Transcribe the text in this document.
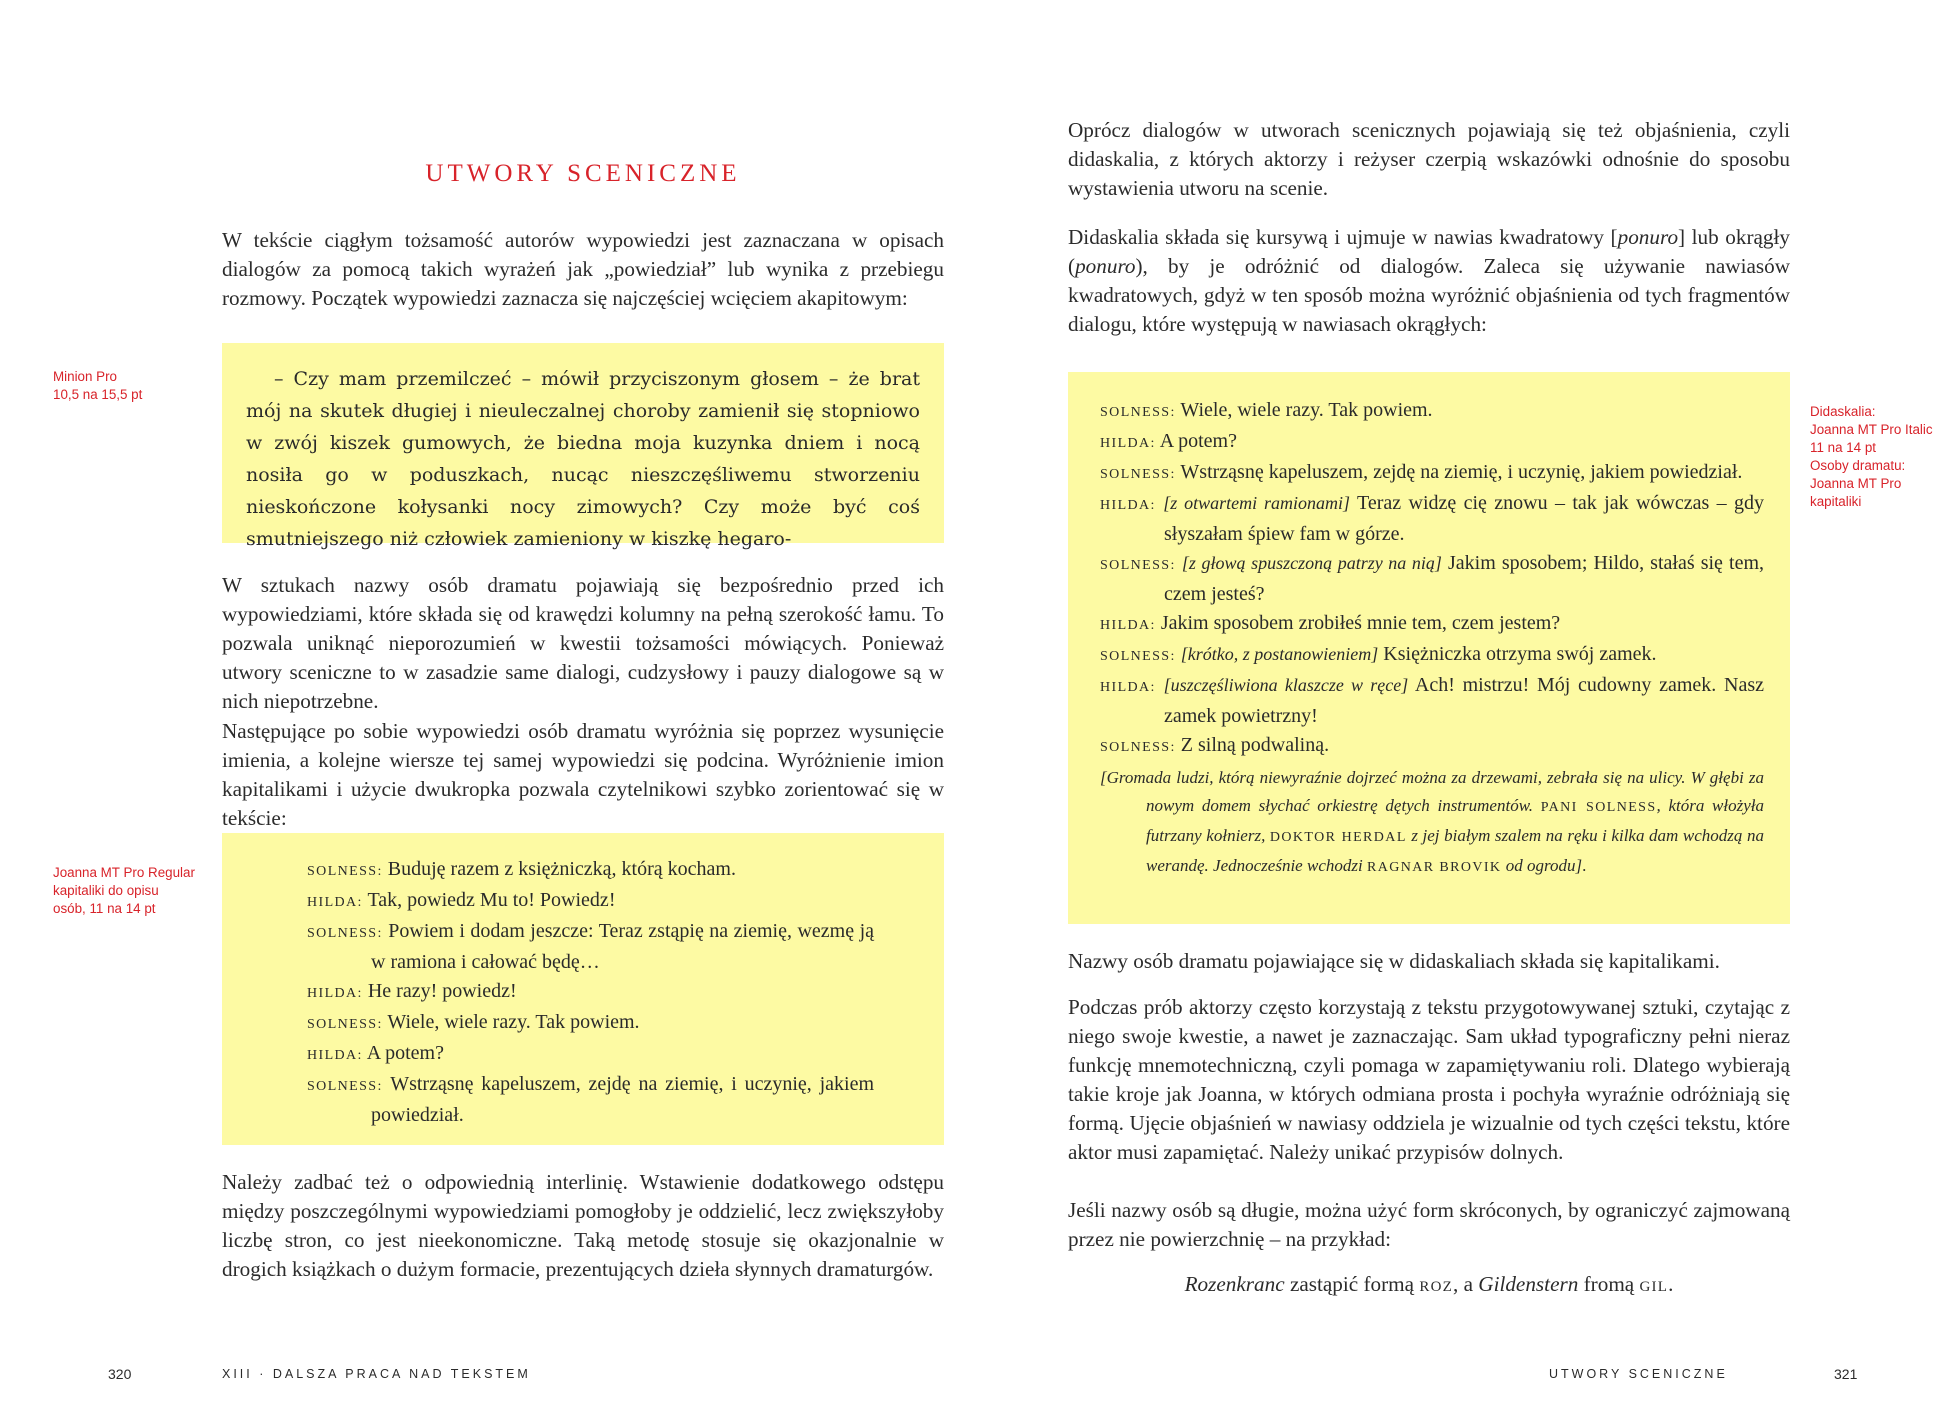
UTWORY SCENICZNE

W tekście ciągłym tożsamość autorów wypowiedzi jest zaznaczana w opisach dialogów za pomocą takich wyrażeń jak „powiedział” lub wynika z przebiegu rozmowy. Początek wypowiedzi zaznacza się najczęściej wcięciem akapitowym:

Minion Pro
10,5 na 15,5 pt

– Czy mam przemilczeć – mówił przyciszonym głosem – że brat mój na skutek długiej i nieuleczalnej choroby zamienił się stopniowo w zwój kiszek gumowych, że biedna moja kuzynka dniem i nocą nosiła go w poduszkach, nucąc nieszczęśliwemu stworzeniu nieskończone kołysanki nocy zimowych? Czy może być coś smutniejszego niż człowiek zamieniony w kiszkę hegaro-

W sztukach nazwy osób dramatu pojawiają się bezpośrednio przed ich wypowiedziami, które składa się od krawędzi kolumny na pełną szerokość łamu. To pozwala uniknąć nieporozumień w kwestii tożsamości mówiących. Ponieważ utwory sceniczne to w zasadzie same dialogi, cudzysłowy i pauzy dialogowe są w nich niepotrzebne.

Następujące po sobie wypowiedzi osób dramatu wyróżnia się poprzez wysunięcie imienia, a kolejne wiersze tej samej wypowiedzi się podcina. Wyróżnienie imion kapitalikami i użycie dwukropka pozwala czytelnikowi szybko zorientować się w tekście:

Joanna MT Pro Regular
kapitaliki do opisu
osób, 11 na 14 pt
SOLNESS: Buduję razem z księżniczką, którą kocham.
HILDA: Tak, powiedz Mu to! Powiedz!
SOLNESS: Powiem i dodam jeszcze: Teraz zstąpię na ziemię, wezmę ją w ramiona i całować będę…
HILDA: He razy! powiedz!
SOLNESS: Wiele, wiele razy. Tak powiem.
HILDA: A potem?
SOLNESS: Wstrząsnę kapeluszem, zejdę na ziemię, i uczynię, jakiem powiedział.

Należy zadbać też o odpowiednią interlinię. Wstawienie dodatkowego odstępu między poszczególnymi wypowiedziami pomogłoby je oddzielić, lecz zwiększyłoby liczbę stron, co jest nieekonomiczne. Taką metodę stosuje się okazjonalnie w drogich książkach o dużym formacie, prezentujących dzieła słynnych dramaturgów.

320	XIII · DALSZA PRACA NAD TEKSTEM

Oprócz dialogów w utworach scenicznych pojawiają się też objaśnienia, czyli didaskalia, z których aktorzy i reżyser czerpią wskazówki odnośnie do sposobu wystawienia utworu na scenie.

Didaskalia składa się kursywą i ujmuje w nawias kwadratowy [ponuro] lub okrągły (ponuro), by je odróżnić od dialogów. Zaleca się używanie nawiasów kwadratowych, gdyż w ten sposób można wyróżnić objaśnienia od tych fragmentów dialogu, które występują w nawiasach okrągłych:

Didaskalia:
Joanna MT Pro Italic
11 na 14 pt
Osoby dramatu:
Joanna MT Pro
kapitaliki
SOLNESS: Wiele, wiele razy. Tak powiem.
HILDA: A potem?
SOLNESS: Wstrząsnę kapeluszem, zejdę na ziemię, i uczynię, jakiem powiedział.
HILDA: [z otwartemi ramionami] Teraz widzę cię znowu – tak jak wówczas – gdy słyszałam śpiew fam w górze.
SOLNESS: [z głową spuszczoną patrzy na nią] Jakim sposobem; Hildo, stałaś się tem, czem jesteś?
HILDA: Jakim sposobem zrobiłeś mnie tem, czem jestem?
SOLNESS: [krótko, z postanowieniem] Księżniczka otrzyma swój zamek.
HILDA: [uszczęśliwiona klaszcze w ręce] Ach! mistrzu! Mój cudowny zamek. Nasz zamek powietrzny!
SOLNESS: Z silną podwaliną.
[Gromada ludzi, którą niewyraźnie dojrzeć można za drzewami, zebrała się na ulicy. W głębi za nowym domem słychać orkiestrę dętych instrumentów. PANI SOLNESS, która włożyła futrzany kołnierz, DOKTOR HERDAL z jej białym szalem na ręku i kilka dam wchodzą na werandę. Jednocześnie wchodzi RAGNAR BROVIK od ogrodu].

Nazwy osób dramatu pojawiające się w didaskaliach składa się kapitalikami.

Podczas prób aktorzy często korzystają z tekstu przygotowywanej sztuki, czytając z niego swoje kwestie, a nawet je zaznaczając. Sam układ typograficzny pełni nieraz funkcję mnemotechniczną, czyli pomaga w zapamiętywaniu roli. Dlatego wybierają takie kroje jak Joanna, w których odmiana prosta i pochyła wyraźnie odróżniają się formą. Ujęcie objaśnień w nawiasy oddziela je wizualnie od tych części tekstu, które aktor musi zapamiętać. Należy unikać przypisów dolnych.

Jeśli nazwy osób są długie, można użyć form skróconych, by ograniczyć zajmowaną przez nie powierzchnię – na przykład:

Rozenkranc zastąpić formą ROZ, a Gildenstern fromą GIL.

UTWORY SCENICZNE	321
